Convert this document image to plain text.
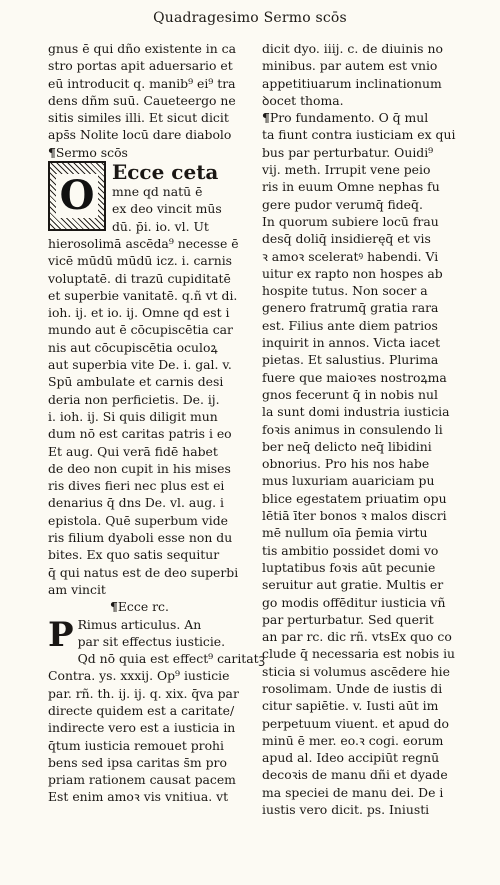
Quadragesimo Sermo scōs
gnus ē qui dño existente in ca
stro portas apit aduersario et
eū introducit q. manib⁹ ei⁹ tra
dens dñm suū. Caueteergo ne
sitis similes illi. Et sicut dicit
aps̄s Nolite locū dare diabolo
¶Sermo scōs
O Ecce ceta
mne qd natū ē
ex deo vincit mūs
dū. p̄i. io. vl. Ut
hierosolimā ascēda⁹ necesse ē
vicē mūdū mūdū icz. i. carnis
voluptatē. di trazū cupiditatē
et superbie vanitatē. q.ñ vt di.
ioh. ij. et io. ij. Omne qd est i
mundo aut ē cōcupiscētia car
nis aut cōcupiscētia oculoꝝ
aut superbia vite De. i. gal. v.
Spū ambulate et carnis desi
deria non perficietis. De. ij.
i. ioh. ij. Si quis diligit mun
dum nō est caritas patris i eo
Et aug. Qui verā fidē habet
de deo non cupit in his mises
ris dives fieri nec plus est ei
denarius q̄ dns De. vl. aug. i
epistola. Quē superbum vide
ris filium dyaboli esse non du
bites. Ex quo satis sequitur
q̄ qui natus est de deo superbi
am vincit
¶Ecce rc.
P Rimus articulus. An
par sit effectus iusticie.
Qd nō quia est effect⁹ caritatꝫ
Contra. ys. xxxij. Op⁹ iusticie
par. rñ. th. ij. ij. q. xix. q̄va par
directe quidem est a caritate/
indirecte vero est a iusticia in
q̄tum iusticia remouet prohi
bens sed ipsa caritas s̄m pro
priam rationem causat pacem
Est enim amoꝛ vis vnitiua. vt
dicit dyo. iiij. c. de diuinis no
minibus. par autem est vnio
appetitiuarum inclinationum
ꝺocet thoma.
¶Pro fundamento. O q̄ mul
ta fiunt contra iusticiam ex qui
bus par perturbatur. Ouidi⁹
vij. meth. Irrupit vene peio
ris in euum Omne nephas fu
gere pudor verumq̄ fideq̄.
In quorum subiere locū frau
desq̄ doliq̄ insidieręq̄ et vis
ꝛ amoꝛ sceleratꝰ habendi. Vi
uitur ex rapto non hospes ab
hospite tutus. Non socer a
genero fratrumq̄ gratia rara
est. Filius ante diem patrios
inquirit in annos. Victa iacet
pietas. Et salustius. Plurima
fuere que maioꝛes nostroꝝma
gnos fecerunt q̄ in nobis nul
la sunt domi industria iusticia
foꝛis animus in consulendo li
ber neq̄ delicto neq̄ libidini
obnorius. Pro his nos habe
mus luxuriam auariciam pu
blice egestatem priuatim opu
lētiā īter bonos ꝛ malos discri
mē nullum oīa p̄emia virtu
tis ambitio possidet domi vo
luptatibus foꝛis aūt pecunie
seruitur aut gratie. Multis er
go modis offēditur iusticia vñ
par perturbatur. Sed querit
an par rc. dic rñ. vtsEx quo co
clude q̄ necessaria est nobis iu
sticia si volumus ascēdere hie
rosolimam. Unde de iustis di
citur sapiētie. v. Iusti aūt im
perpetuum viuent. et apud do
minū ē mer. eo.ꝛ cogi. eorum
apud al. Ideo accipiūt regnū
decoꝛis de manu dñi et dyade
ma speciei de manu dei. De i
iustis vero dicit. ps. Iniusti
